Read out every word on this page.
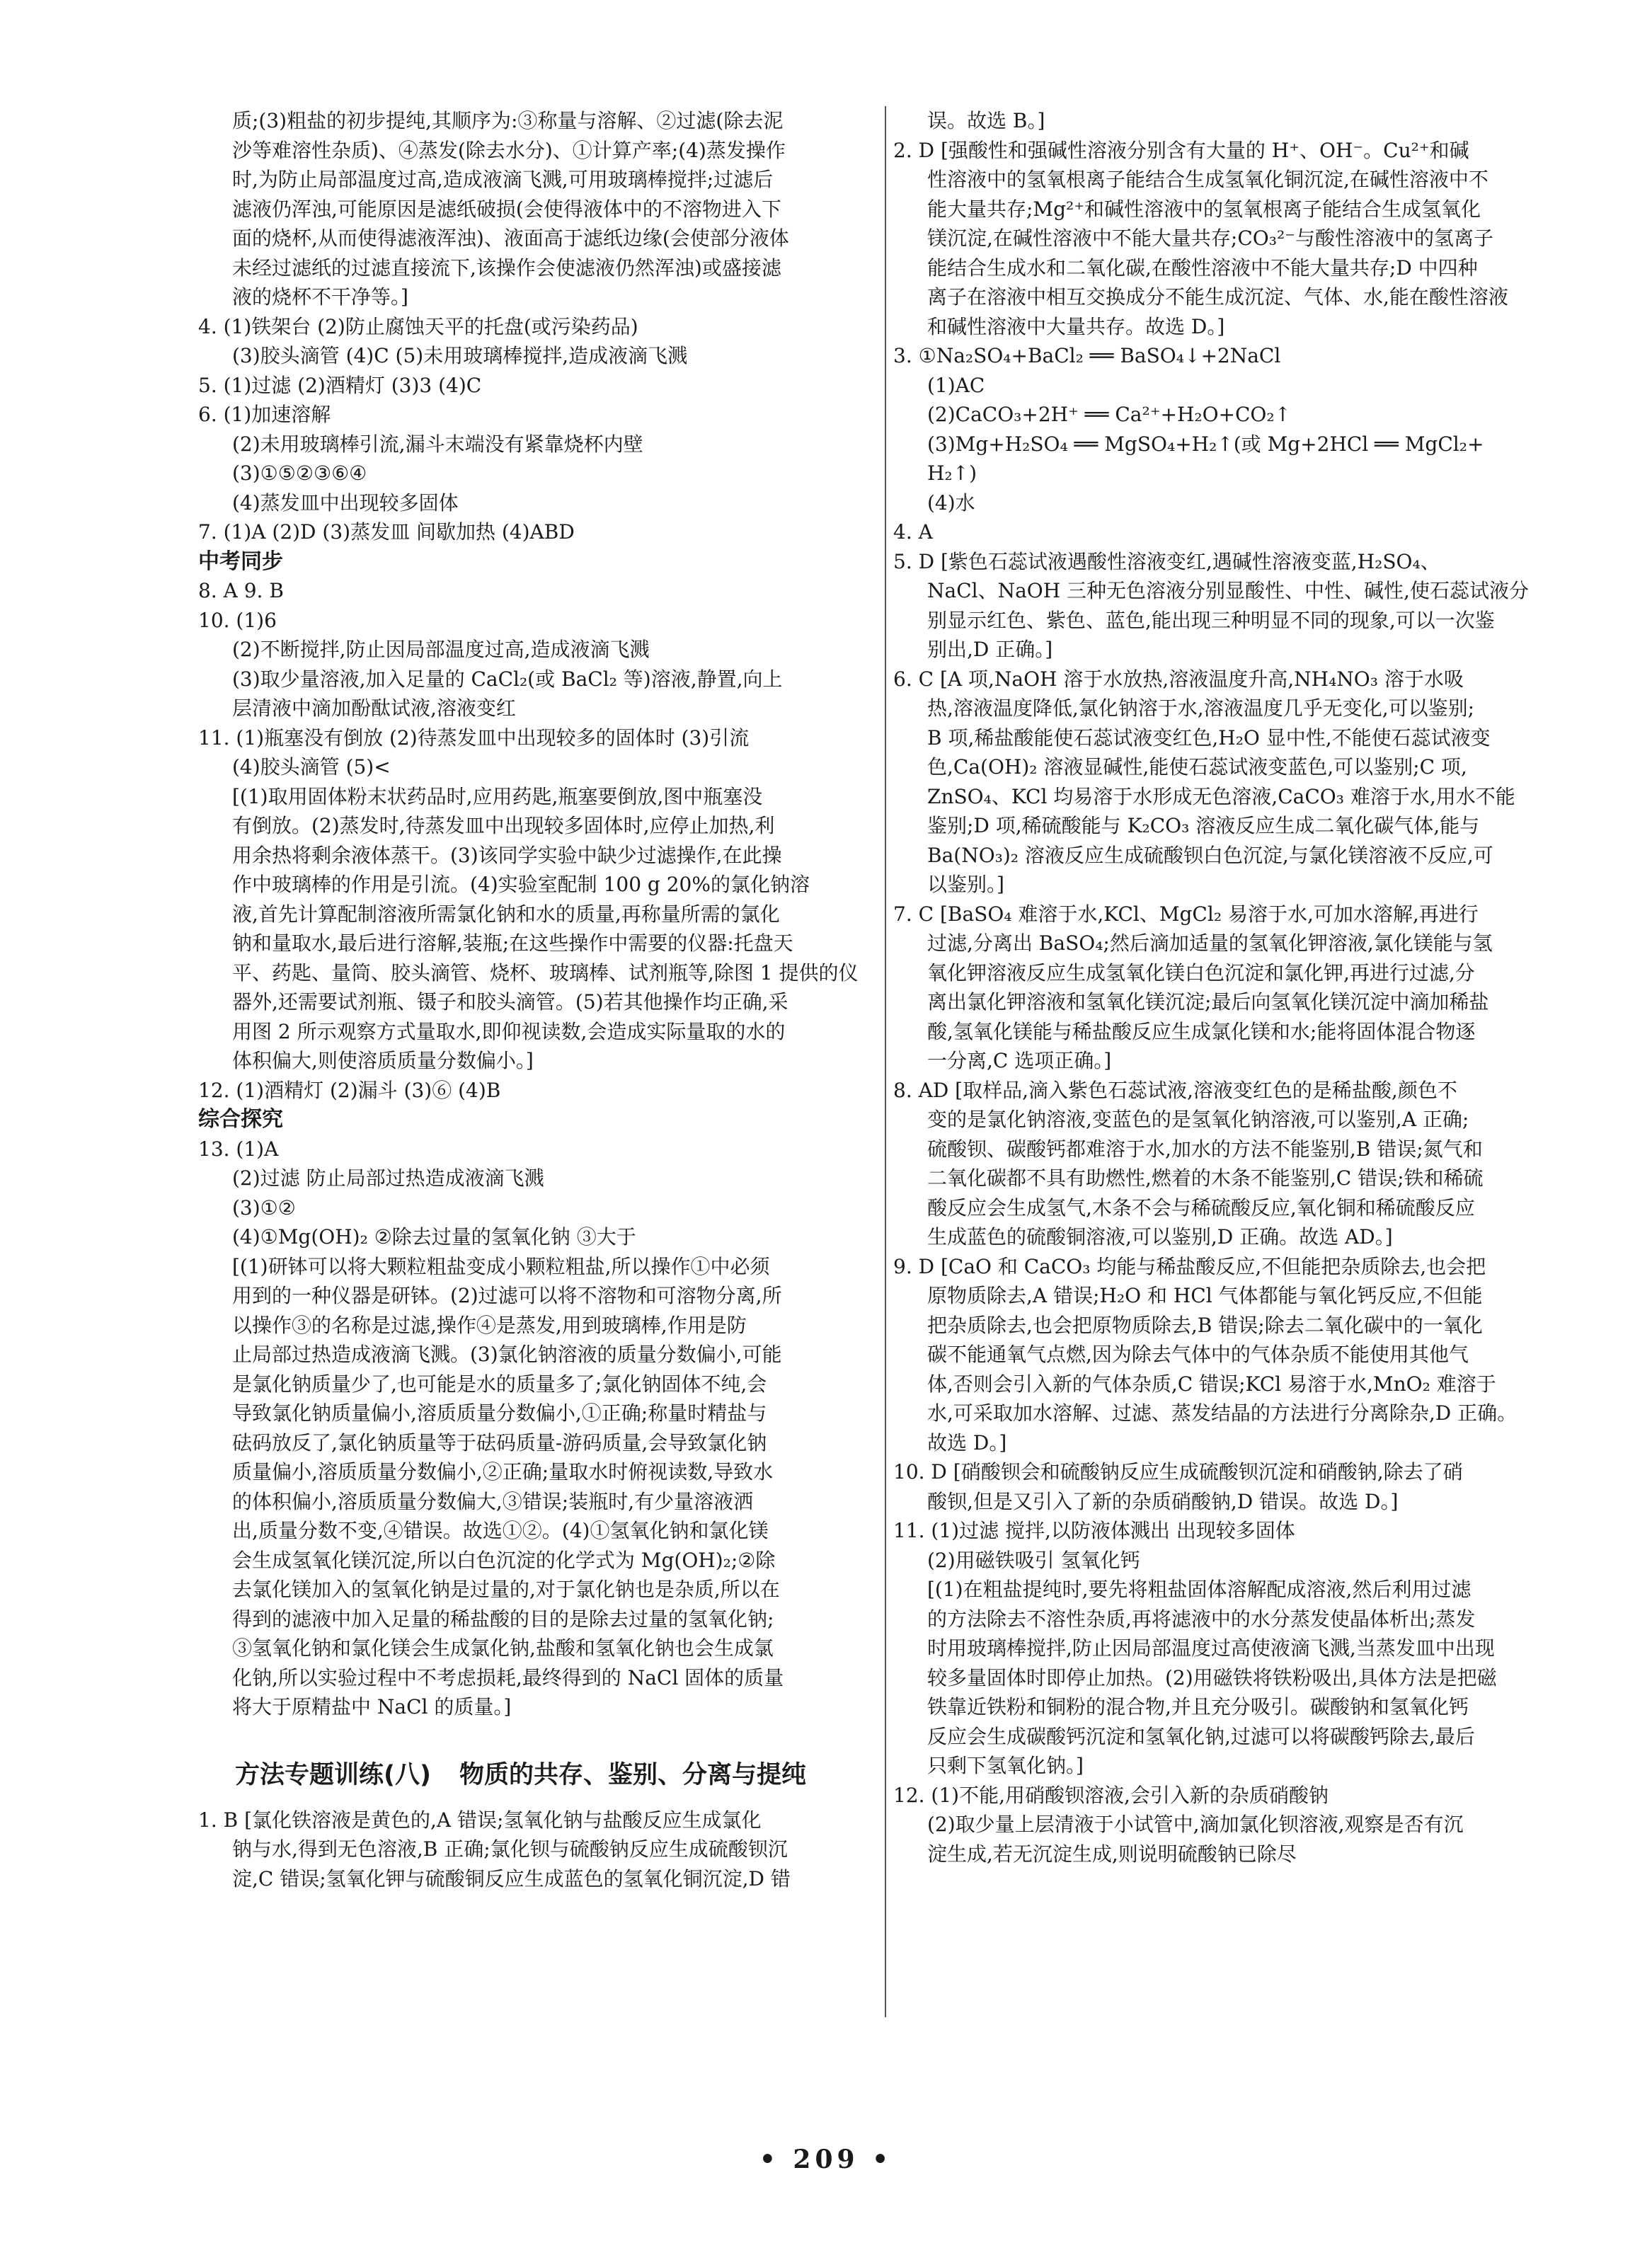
质;(3)粗盐的初步提纯,其顺序为:③称量与溶解、②过滤(除去泥
沙等难溶性杂质)、④蒸发(除去水分)、①计算产率;(4)蒸发操作
时,为防止局部温度过高,造成液滴飞溅,可用玻璃棒搅拌;过滤后
滤液仍浑浊,可能原因是滤纸破损(会使得液体中的不溶物进入下
面的烧杯,从而使得滤液浑浊)、液面高于滤纸边缘(会使部分液体
未经过滤纸的过滤直接流下,该操作会使滤液仍然浑浊)或盛接滤
液的烧杯不干净等。]
4. (1)铁架台 (2)防止腐蚀天平的托盘(或污染药品)
(3)胶头滴管 (4)C (5)未用玻璃棒搅拌,造成液滴飞溅
5. (1)过滤 (2)酒精灯 (3)3 (4)C
6. (1)加速溶解
(2)未用玻璃棒引流,漏斗末端没有紧靠烧杯内壁
(3)①⑤②③⑥④
(4)蒸发皿中出现较多固体
7. (1)A (2)D (3)蒸发皿 间歇加热 (4)ABD
中考同步
8. A 9. B
10. (1)6
(2)不断搅拌,防止因局部温度过高,造成液滴飞溅
(3)取少量溶液,加入足量的 CaCl₂(或 BaCl₂ 等)溶液,静置,向上
层清液中滴加酚酞试液,溶液变红
11. (1)瓶塞没有倒放 (2)待蒸发皿中出现较多的固体时 (3)引流
(4)胶头滴管 (5)<
[(1)取用固体粉末状药品时,应用药匙,瓶塞要倒放,图中瓶塞没
有倒放。(2)蒸发时,待蒸发皿中出现较多固体时,应停止加热,利
用余热将剩余液体蒸干。(3)该同学实验中缺少过滤操作,在此操
作中玻璃棒的作用是引流。(4)实验室配制 100 g 20%的氯化钠溶
液,首先计算配制溶液所需氯化钠和水的质量,再称量所需的氯化
钠和量取水,最后进行溶解,装瓶;在这些操作中需要的仪器:托盘天
平、药匙、量筒、胶头滴管、烧杯、玻璃棒、试剂瓶等,除图 1 提供的仪
器外,还需要试剂瓶、镊子和胶头滴管。(5)若其他操作均正确,采
用图 2 所示观察方式量取水,即仰视读数,会造成实际量取的水的
体积偏大,则使溶质质量分数偏小。]
12. (1)酒精灯 (2)漏斗 (3)⑥ (4)B
综合探究
13. (1)A
(2)过滤 防止局部过热造成液滴飞溅
(3)①②
(4)①Mg(OH)₂ ②除去过量的氢氧化钠 ③大于
[(1)研钵可以将大颗粒粗盐变成小颗粒粗盐,所以操作①中必须
用到的一种仪器是研钵。(2)过滤可以将不溶物和可溶物分离,所
以操作③的名称是过滤,操作④是蒸发,用到玻璃棒,作用是防
止局部过热造成液滴飞溅。(3)氯化钠溶液的质量分数偏小,可能
是氯化钠质量少了,也可能是水的质量多了;氯化钠固体不纯,会
导致氯化钠质量偏小,溶质质量分数偏小,①正确;称量时精盐与
砝码放反了,氯化钠质量等于砝码质量-游码质量,会导致氯化钠
质量偏小,溶质质量分数偏小,②正确;量取水时俯视读数,导致水
的体积偏小,溶质质量分数偏大,③错误;装瓶时,有少量溶液洒
出,质量分数不变,④错误。故选①②。(4)①氢氧化钠和氯化镁
会生成氢氧化镁沉淀,所以白色沉淀的化学式为 Mg(OH)₂;②除
去氯化镁加入的氢氧化钠是过量的,对于氯化钠也是杂质,所以在
得到的滤液中加入足量的稀盐酸的目的是除去过量的氢氧化钠;
③氢氧化钠和氯化镁会生成氯化钠,盐酸和氢氧化钠也会生成氯
化钠,所以实验过程中不考虑损耗,最终得到的 NaCl 固体的质量
将大于原精盐中 NaCl 的质量。]
方法专题训练(八) 物质的共存、鉴别、分离与提纯
1. B [氯化铁溶液是黄色的,A 错误;氢氧化钠与盐酸反应生成氯化
钠与水,得到无色溶液,B 正确;氯化钡与硫酸钠反应生成硫酸钡沉
淀,C 错误;氢氧化钾与硫酸铜反应生成蓝色的氢氧化铜沉淀,D 错
误。故选 B。]
2. D [强酸性和强碱性溶液分别含有大量的 H⁺、OH⁻。Cu²⁺和碱
性溶液中的氢氧根离子能结合生成氢氧化铜沉淀,在碱性溶液中不
能大量共存;Mg²⁺和碱性溶液中的氢氧根离子能结合生成氢氧化
镁沉淀,在碱性溶液中不能大量共存;CO₃²⁻与酸性溶液中的氢离子
能结合生成水和二氧化碳,在酸性溶液中不能大量共存;D 中四种
离子在溶液中相互交换成分不能生成沉淀、气体、水,能在酸性溶液
和碱性溶液中大量共存。故选 D。]
3. ①Na₂SO₄+BaCl₂ ══ BaSO₄↓+2NaCl
(1)AC
(2)CaCO₃+2H⁺ ══ Ca²⁺+H₂O+CO₂↑
(3)Mg+H₂SO₄ ══ MgSO₄+H₂↑(或 Mg+2HCl ══ MgCl₂+
H₂↑)
(4)水
4. A
5. D [紫色石蕊试液遇酸性溶液变红,遇碱性溶液变蓝,H₂SO₄、
NaCl、NaOH 三种无色溶液分别显酸性、中性、碱性,使石蕊试液分
别显示红色、紫色、蓝色,能出现三种明显不同的现象,可以一次鉴
别出,D 正确。]
6. C [A 项,NaOH 溶于水放热,溶液温度升高,NH₄NO₃ 溶于水吸
热,溶液温度降低,氯化钠溶于水,溶液温度几乎无变化,可以鉴别;
B 项,稀盐酸能使石蕊试液变红色,H₂O 显中性,不能使石蕊试液变
色,Ca(OH)₂ 溶液显碱性,能使石蕊试液变蓝色,可以鉴别;C 项,
ZnSO₄、KCl 均易溶于水形成无色溶液,CaCO₃ 难溶于水,用水不能
鉴别;D 项,稀硫酸能与 K₂CO₃ 溶液反应生成二氧化碳气体,能与
Ba(NO₃)₂ 溶液反应生成硫酸钡白色沉淀,与氯化镁溶液不反应,可
以鉴别。]
7. C [BaSO₄ 难溶于水,KCl、MgCl₂ 易溶于水,可加水溶解,再进行
过滤,分离出 BaSO₄;然后滴加适量的氢氧化钾溶液,氯化镁能与氢
氧化钾溶液反应生成氢氧化镁白色沉淀和氯化钾,再进行过滤,分
离出氯化钾溶液和氢氧化镁沉淀;最后向氢氧化镁沉淀中滴加稀盐
酸,氢氧化镁能与稀盐酸反应生成氯化镁和水;能将固体混合物逐
一分离,C 选项正确。]
8. AD [取样品,滴入紫色石蕊试液,溶液变红色的是稀盐酸,颜色不
变的是氯化钠溶液,变蓝色的是氢氧化钠溶液,可以鉴别,A 正确;
硫酸钡、碳酸钙都难溶于水,加水的方法不能鉴别,B 错误;氮气和
二氧化碳都不具有助燃性,燃着的木条不能鉴别,C 错误;铁和稀硫
酸反应会生成氢气,木条不会与稀硫酸反应,氧化铜和稀硫酸反应
生成蓝色的硫酸铜溶液,可以鉴别,D 正确。故选 AD。]
9. D [CaO 和 CaCO₃ 均能与稀盐酸反应,不但能把杂质除去,也会把
原物质除去,A 错误;H₂O 和 HCl 气体都能与氧化钙反应,不但能
把杂质除去,也会把原物质除去,B 错误;除去二氧化碳中的一氧化
碳不能通氧气点燃,因为除去气体中的气体杂质不能使用其他气
体,否则会引入新的气体杂质,C 错误;KCl 易溶于水,MnO₂ 难溶于
水,可采取加水溶解、过滤、蒸发结晶的方法进行分离除杂,D 正确。
故选 D。]
10. D [硝酸钡会和硫酸钠反应生成硫酸钡沉淀和硝酸钠,除去了硝
酸钡,但是又引入了新的杂质硝酸钠,D 错误。故选 D。]
11. (1)过滤 搅拌,以防液体溅出 出现较多固体
(2)用磁铁吸引 氢氧化钙
[(1)在粗盐提纯时,要先将粗盐固体溶解配成溶液,然后利用过滤
的方法除去不溶性杂质,再将滤液中的水分蒸发使晶体析出;蒸发
时用玻璃棒搅拌,防止因局部温度过高使液滴飞溅,当蒸发皿中出现
较多量固体时即停止加热。(2)用磁铁将铁粉吸出,具体方法是把磁
铁靠近铁粉和铜粉的混合物,并且充分吸引。碳酸钠和氢氧化钙
反应会生成碳酸钙沉淀和氢氧化钠,过滤可以将碳酸钙除去,最后
只剩下氢氧化钠。]
12. (1)不能,用硝酸钡溶液,会引入新的杂质硝酸钠
(2)取少量上层清液于小试管中,滴加氯化钡溶液,观察是否有沉
淀生成,若无沉淀生成,则说明硫酸钠已除尽
• 209 •
